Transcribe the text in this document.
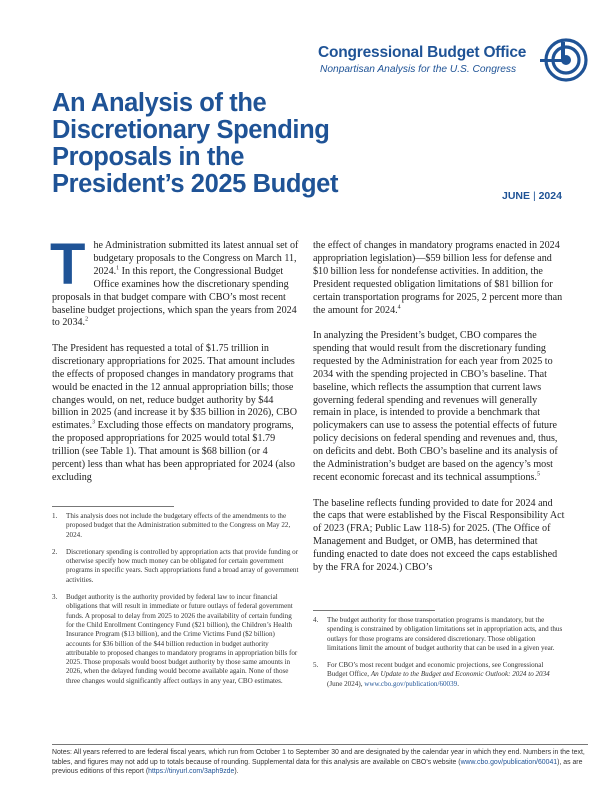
Congressional Budget Office
Nonpartisan Analysis for the U.S. Congress
An Analysis of the
Discretionary Spending
Proposals in the
President’s 2025 Budget	JUNE | 2024

The Administration submitted its latest annual set of budgetary proposals to the Congress on March 11, 2024.$^1$ In this report, the Congressional Budget Office examines how the discretionary spending proposals in that budget compare with CBO’s most recent baseline budget projections, which span the years from 2024 to 2034.$^2$

The President has requested a total of $1.75 trillion in discretionary appropriations for 2025. That amount includes the effects of proposed changes in mandatory programs that would be enacted in the 12 annual appropriation bills; those changes would, on net, reduce budget authority by $44 billion in 2025 (and increase it by $35 billion in 2026), CBO estimates.$^3$ Excluding those effects on mandatory programs, the proposed appropriations for 2025 would total $1.79 trillion (see Table 1). That amount is $68 billion (or 4 percent) less than what has been appropriated for 2024 (also excluding

1.	This analysis does not include the budgetary effects of the amendments to the proposed budget that the Administration submitted to the Congress on May 22, 2024.
2.	Discretionary spending is controlled by appropriation acts that provide funding or otherwise specify how much money can be obligated for certain government programs in specific years. Such appropriations fund a broad array of government activities.
3.	Budget authority is the authority provided by federal law to incur financial obligations that will result in immediate or future outlays of federal government funds. A proposal to delay from 2025 to 2026 the availability of certain funding for the Child Enrollment Contingency Fund ($21 billion), the Children’s Health Insurance Program ($13 billion), and the Crime Victims Fund ($2 billion) accounts for $36 billion of the $44 billion reduction in budget authority attributable to proposed changes to mandatory programs in appropriation bills for 2025. Those proposals would boost budget authority by those same amounts in 2026, when the delayed funding would become available again. None of those three changes would significantly affect outlays in any year, CBO estimates.

the effect of changes in mandatory programs enacted in 2024 appropriation legislation)—$59 billion less for defense and $10 billion less for nondefense activities. In addition, the President requested obligation limitations of $81 billion for certain transportation programs for 2025, 2 percent more than the amount for 2024.$^4$

In analyzing the President’s budget, CBO compares the spending that would result from the discretionary funding requested by the Administration for each year from 2025 to 2034 with the spending projected in CBO’s baseline. That baseline, which reflects the assumption that current laws governing federal spending and revenues will generally remain in place, is intended to provide a benchmark that policymakers can use to assess the potential effects of future policy decisions on federal spending and revenues and, thus, on deficits and debt. Both CBO’s baseline and its analysis of the Administration’s budget are based on the agency’s most recent economic forecast and its technical assumptions.$^5$

The baseline reflects funding provided to date for 2024 and the caps that were established by the Fiscal Responsibility Act of 2023 (FRA; Public Law 118-5) for 2025. (The Office of Management and Budget, or OMB, has determined that funding enacted to date does not exceed the caps established by the FRA for 2024.) CBO’s

4.	The budget authority for those transportation programs is mandatory, but the spending is constrained by obligation limitations set in appropriation acts, and thus outlays for those programs are considered discretionary. Those obligation limitations limit the amount of budget authority that can be used in a given year.
5.	For CBO’s most recent budget and economic projections, see Congressional Budget Office, An Update to the Budget and Economic Outlook: 2024 to 2034 (June 2024), www.cbo.gov/publication/60039.
Notes: All years referred to are federal fiscal years, which run from October 1 to September 30 and are designated by the calendar year in which they end. Numbers in the text, tables, and figures may not add up to totals because of rounding. Supplemental data for this analysis are available on CBO’s website (www.cbo.gov/publication/60041), as are previous editions of this report (https://tinyurl.com/3aph9zde).
